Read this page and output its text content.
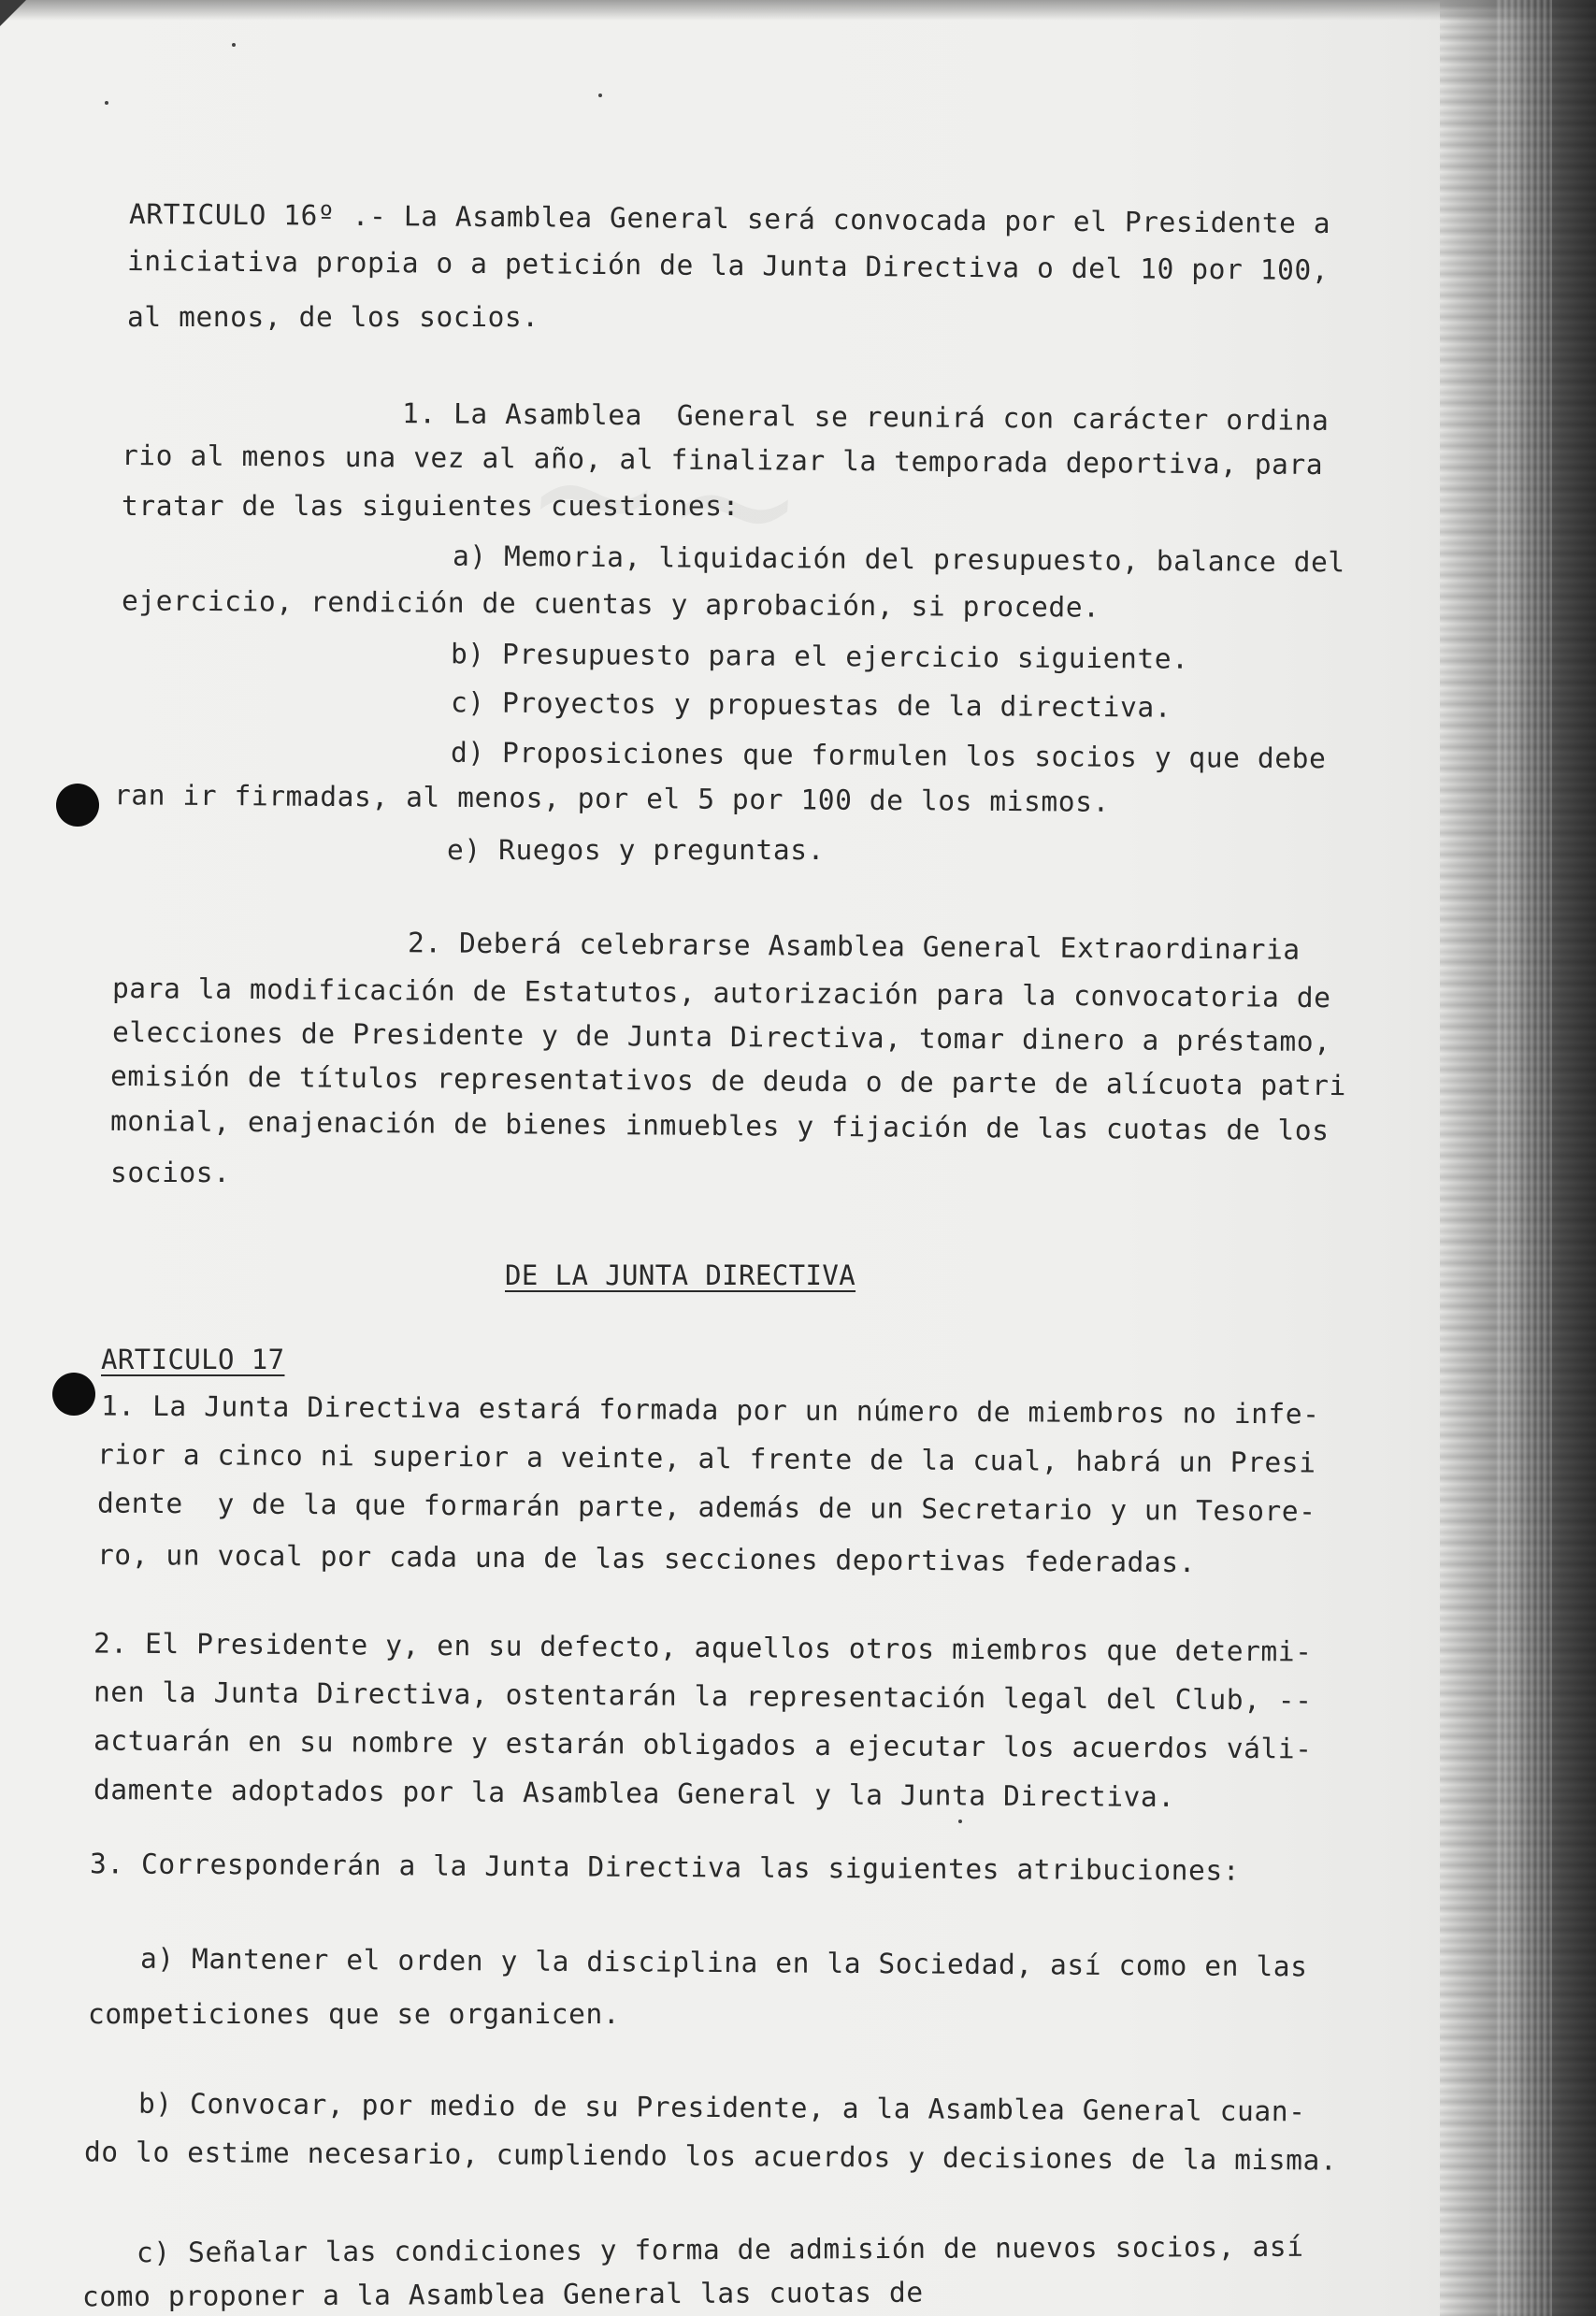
ARTICULO 16º .- La Asamblea General será convocada por el Presidente a
iniciativa propia o a petición de la Junta Directiva o del 10 por 100,
al menos, de los socios.
1. La Asamblea  General se reunirá con carácter ordina
rio al menos una vez al año, al finalizar la temporada deportiva, para
tratar de las siguientes cuestiones:
a) Memoria, liquidación del presupuesto, balance del
ejercicio, rendición de cuentas y aprobación, si procede.
b) Presupuesto para el ejercicio siguiente.
c) Proyectos y propuestas de la directiva.
d) Proposiciones que formulen los socios y que debe
ran ir firmadas, al menos, por el 5 por 100 de los mismos.
e) Ruegos y preguntas.
2. Deberá celebrarse Asamblea General Extraordinaria
para la modificación de Estatutos, autorización para la convocatoria de
elecciones de Presidente y de Junta Directiva, tomar dinero a préstamo,
emisión de títulos representativos de deuda o de parte de alícuota patri
monial, enajenación de bienes inmuebles y fijación de las cuotas de los
socios.
DE LA JUNTA DIRECTIVA
ARTICULO 17
1. La Junta Directiva estará formada por un número de miembros no infe-
rior a cinco ni superior a veinte, al frente de la cual, habrá un Presi
dente  y de la que formarán parte, además de un Secretario y un Tesore-
ro, un vocal por cada una de las secciones deportivas federadas.
2. El Presidente y, en su defecto, aquellos otros miembros que determi-
nen la Junta Directiva, ostentarán la representación legal del Club, --
actuarán en su nombre y estarán obligados a ejecutar los acuerdos váli-
damente adoptados por la Asamblea General y la Junta Directiva.
3. Corresponderán a la Junta Directiva las siguientes atribuciones:
a) Mantener el orden y la disciplina en la Sociedad, así como en las
competiciones que se organicen.
b) Convocar, por medio de su Presidente, a la Asamblea General cuan-
do lo estime necesario, cumpliendo los acuerdos y decisiones de la misma.
c) Señalar las condiciones y forma de admisión de nuevos socios, así
como proponer a la Asamblea General las cuotas de
